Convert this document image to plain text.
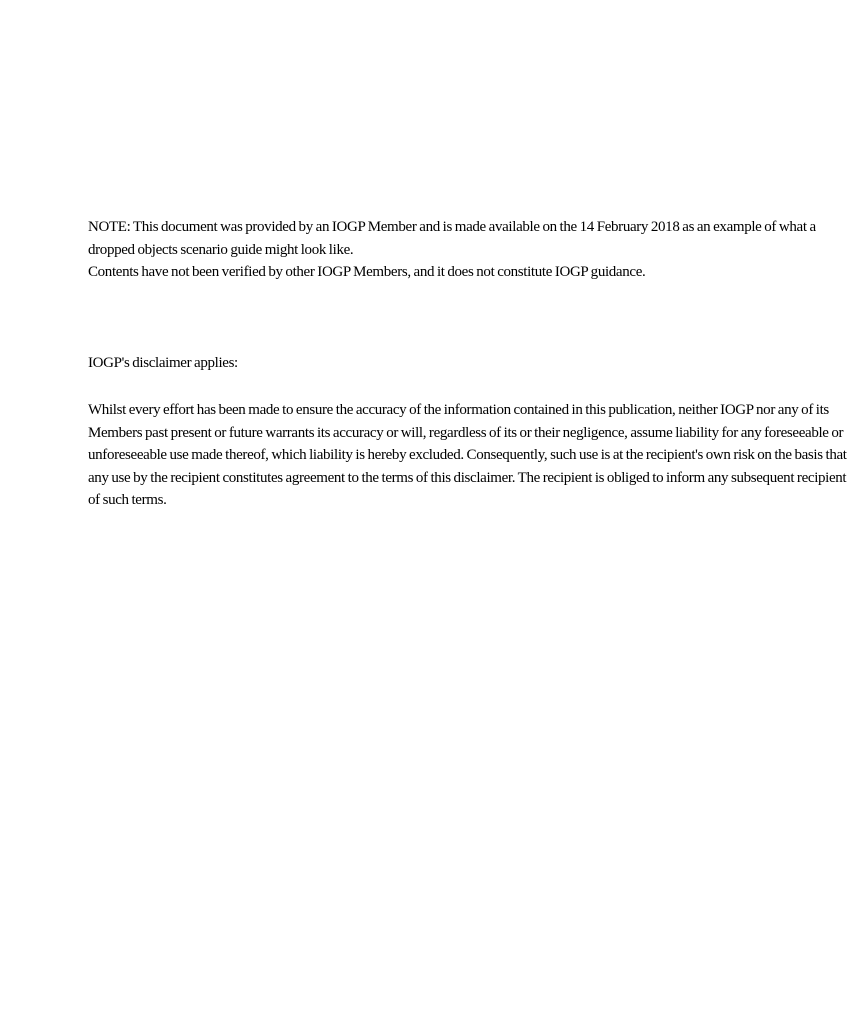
NOTE: This document was provided by an IOGP Member and is made available on the 14 February 2018 as an example of what a
dropped objects scenario guide might look like.
Contents have not been verified by other IOGP Members, and it does not constitute IOGP guidance.
IOGP's disclaimer applies:
Whilst every effort has been made to ensure the accuracy of the information contained in this publication, neither IOGP nor any of its
Members past present or future warrants its accuracy or will, regardless of its or their negligence, assume liability for any foreseeable or
unforeseeable use made thereof, which liability is hereby excluded. Consequently, such use is at the recipient's own risk on the basis that
any use by the recipient constitutes agreement to the terms of this disclaimer. The recipient is obliged to inform any subsequent recipient
of such terms.
